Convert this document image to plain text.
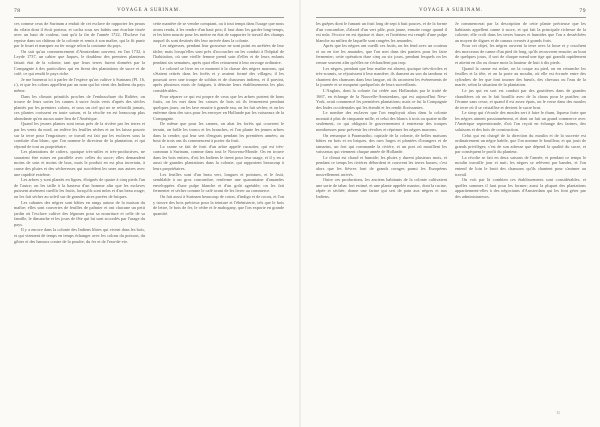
78	VOYAGE A SURINAM.

ces comme ceux de Surinam a enduit de cet esclave de rapporter les peaux du vilain dont il étoit porteur, et cacha sous ses habits une écarlate tissée avec un haut de couleur, tant qu'à la fin de l'année 1722, l'Esclave fut reprise dans un château de la colonie et remis à son maître, qui la fit punir par le fouet et marquer au fer rouge selon la coutume du pays.

On sait qu'au commencement d'Amsterdam souvent, en l'an 1732, à Leyde 1737, un cahier que Jaques, le doubleur des premiers planteurs faisait état de la colonie, tant que leurs terres furent données par la Compagnie à des particuliers qui en firent des plantations de sucre et de café, ce qui rendit le pays riche.

Je me bornerai ici à parler de l'espèce qu'on cultive à Surinam (Pl. 16, t.), et que les colons appellent par un nom qui lui vient des Indiens du pays même.

Dans les climats primitifs proches de l'embouchure du Ralière, on trouve de leurs sortes les cannes à sucre fruits verts d'après des siècles plantés par les premiers colons, et sous un ciel qui ne se refroidit jamais, ces plantes croissent en toute saison, et la récolte en est beaucoup plus abondante qu'en aucun autre lieu de l'Amérique.

Quand les jeunes plantes sont tenus près de la rivière par les terres et par les vents du nord, on enlève les feuilles sèches et on les laisse pourrir sur la terre pour l'engraisser; ce travail est fait par les esclaves sous la conduite d'un blanc, que l'on nomme le directeur de la plantation, et qui répond de tout au propriétaire.

Les plantations de cafiers, quoique très-utiles et très-productives, ne sauraient être mises en parallèle avec celles du sucre; elles demandent moins de soin et moins de bras, mais le produit en est plus incertain, à cause des pluies et des sécheresses qui succèdent les unes aux autres avec une rapidité extrême.

Les arbres y sont plantés en lignes, éloignés de quatre à cinq pieds l'un de l'autre; on les taille à la hauteur d'un homme afin que les esclaves puissent aisément cueillir les fruits, lorsqu'ils sont mûrs et d'un beau rouge; on les fait sécher au soleil sur de grandes aires pavées de briques.

Les cabanes des nègres sont bâties en rangs autour de la maison du maître; elles sont couvertes de feuilles de palmier et ont chacune un petit jardin où l'esclave cultive des légumes pour sa nourriture et celle de sa famille, le dimanche et les jours de fête qui lui sont accordés par l'usage du pays.

Il y a encore dans la colonie des Indiens libres qui vivent dans les bois, et qui viennent de temps en temps échanger avec les colons du poisson, du gibier et des hamacs contre de la poudre, du fer et de l'eau-de-vie.

cette manière de se vendre comptant, ou à tout temps dans l'usage que nous avons rendu, à les rendre d'un haut prix; il faut donc les garder long-temps, et les bien nourrir pour les mettre en état de supporter le travail des champs auquel ils sont destinés dès leur arrivée dans la colonie.

Les négresses, pendant leur grossesse ne sont point en arrêtées de leur tâche; mais lorsqu'elles sont près d'accoucher on les conduit à l'hôpital de l'habitation, où une vieille femme prend soin d'elles et de leurs enfants pendant six semaines, après quoi elles retournent à leur ouvrage ordinaire.

Le colonel se livre en ce moment à la chasse des nègres marrons, qui s'étaient retirés dans les forêts et y avaient formé des villages; il les poursuit avec une troupe de soldats et de chasseurs indiens, et il parvint, après plusieurs mois de fatigues, à détruire leurs établissements les plus considérables.

Pour séparer ce qui est propre de ceux que les arbres portent de bons fruits, on les met dans les caisses de bois où ils fermentent pendant quelques jours; on les lave ensuite à grande eau, on les fait sécher, et on les enferme dans des sacs pour les envoyer en Hollande par les vaisseaux de la Compagnie.

De même que pour les cannes, on abat les forêts qui couvrent le terrain, on brûle les troncs et les branches, et l'on plante les jeunes arbres dans la cendre, qui leur sert d'engrais pendant les premières années; au bout de trois ans ils commencent à porter du fruit.

La canne se fait de fruit d'un arbre appelé cacaotier, qui est très-commun à Surinam, comme dans tout le Nouveau-Monde. On en trouve dans les bois entiers, d'où les Indiens le tirent pour leur usage, et il y en a aussi de grandes plantations dans la colonie, qui rapportent beaucoup à leurs propriétaires.

Les feuilles sont d'un beau vert, longues et pointues, et le fruit, semblable à un gros concombre, renferme une quarantaine d'amandes enveloppées d'une pulpe blanche et d'un goût agréable; on les fait fermenter et sécher comme le café avant de les livrer au commerce.

On fait aussi à Surinam beaucoup de coton, d'indigo et de rocou, et l'on y trouve des bois précieux pour la teinture et l'ébénisterie, tels que le bois de lettre, le bois de fer, le cèdre et le mahogany, que l'on exporte en grande quantité.

VOYAGE A SURINAM.	79

les guêpes dont le fumant un fruit long de sept à huit pouces, et de la forme d'un concombre, d'abord d'un vert pâle, puis jaune, ensuite rouge quand il est mûr; l'écorce en est épaisse et dure, et l'intérieur est rempli d'une pulpe blanche au milieu de laquelle sont rangées les amandes.

Après que les nègres ont cueilli ces fruits, on les fend avec un couteau et on en tire les amandes, que l'on met dans des paniers pour les faire fermenter; cette opération dure cinq ou six jours, pendant lesquels on les remue souvent afin qu'elles ne s'échauffent pas trop.

Les nègres, pendant que leur maître est absent, quoique très-dociles et très-soumis, se réjouissent à leur manière; ils dansent au son du tambour et chantent des chansons dans leur langue, où ils racontent les événements de la journée et se moquent quelquefois de leurs surveillants.

L'Anglais, dont la colonie fut cédée aux Hollandais par le traité de 1667, en échange de la Nouvelle-Amsterdam, qui est aujourd'hui New-York, avait commencé les premières plantations; mais ce fut la Compagnie des Indes occidentales qui les étendit et les rendit florissantes.

Le nombre des esclaves que l'on employait alors dans la colonie montait à plus de cinquante mille, et celui des blancs à trois ou quatre mille seulement, ce qui obligeait le gouvernement à entretenir des troupes nombreuses pour prévenir les révoltes et réprimer les nègres marrons.

On remarque à Paramaribo, capitale de la colonie, de belles maisons bâties en bois et en briques, des rues larges et plantées d'orangers et de tamarins, un fort qui commande la rivière, et un port où mouillent les vaisseaux qui viennent chaque année de Hollande.

Le climat est chaud et humide; les pluies y durent plusieurs mois, et pendant ce temps les rivières débordent et couvrent les terres basses; c'est alors que les fièvres font de grands ravages parmi les Européens nouvellement arrivés.

Outre ces productions, les anciens habitants de la colonie cultivaient une sorte de tabac fort estimé, et une plante appelée manioc, dont la racine, râpée et séchée, donne une farine qui sert de pain aux nègres et aux Indiens.

Je commencerai par la description de cette plante précieuse que les habitants appellent canne à sucre, et qui fait la principale richesse de la colonie; elle croît dans les terres basses et humides que l'on a desséchées au moyen de digues et de canaux creusés à grands frais.

Pour cet objet, les nègres ouvrent la terre avec la houe et y couchent des morceaux de canne d'un pied de long, qu'ils recouvrent ensuite; au bout de quelques jours, il sort de chaque nœud une tige qui grandit rapidement et atteint en dix ou douze mois la hauteur de huit à dix pieds.

Quand la canne est mûre, on la coupe au pied, on en retranche les feuilles et la tête, et on la porte au moulin, où elle est écrasée entre des cylindres de fer que font tourner des bœufs, des chevaux ou l'eau de la marée, selon la situation de la plantation.

Le jus qui en sort est conduit par des gouttières dans de grandes chaudières où on le fait bouillir avec de la chaux pour le purifier; on l'écume sans cesse, et quand il est assez épais, on le verse dans des moules de terre où il se cristallise et devient le sucre brut.

Le sirop qui s'écoule des moules sert à faire le rhum, liqueur forte que les nègres aiment passionnément, et dont on fait un grand commerce avec l'Amérique septentrionale, d'où l'on reçoit en échange des farines, des salaisons et des bois de construction.

Celui qui est chargé de la direction du moulin et de la sucrerie est ordinairement un nègre habile, que l'on nomme le bouilleur, et qui jouit de grands privilèges; c'est de son adresse que dépend la qualité du sucre, et par conséquent le profit du planteur.

La récolte se fait en deux saisons de l'année, et pendant ce temps le moulin travaille jour et nuit; les nègres se relèvent par bandes, et l'on entend de loin le bruit des chansons qu'ils chantent pour s'animer au travail.

On voit par là combien ces établissements sont considérables, et quelles sommes il faut pour les former; aussi la plupart des plantations appartiennent-elles à des négociants d'Amsterdam qui les font gérer par des administrateurs.

11
